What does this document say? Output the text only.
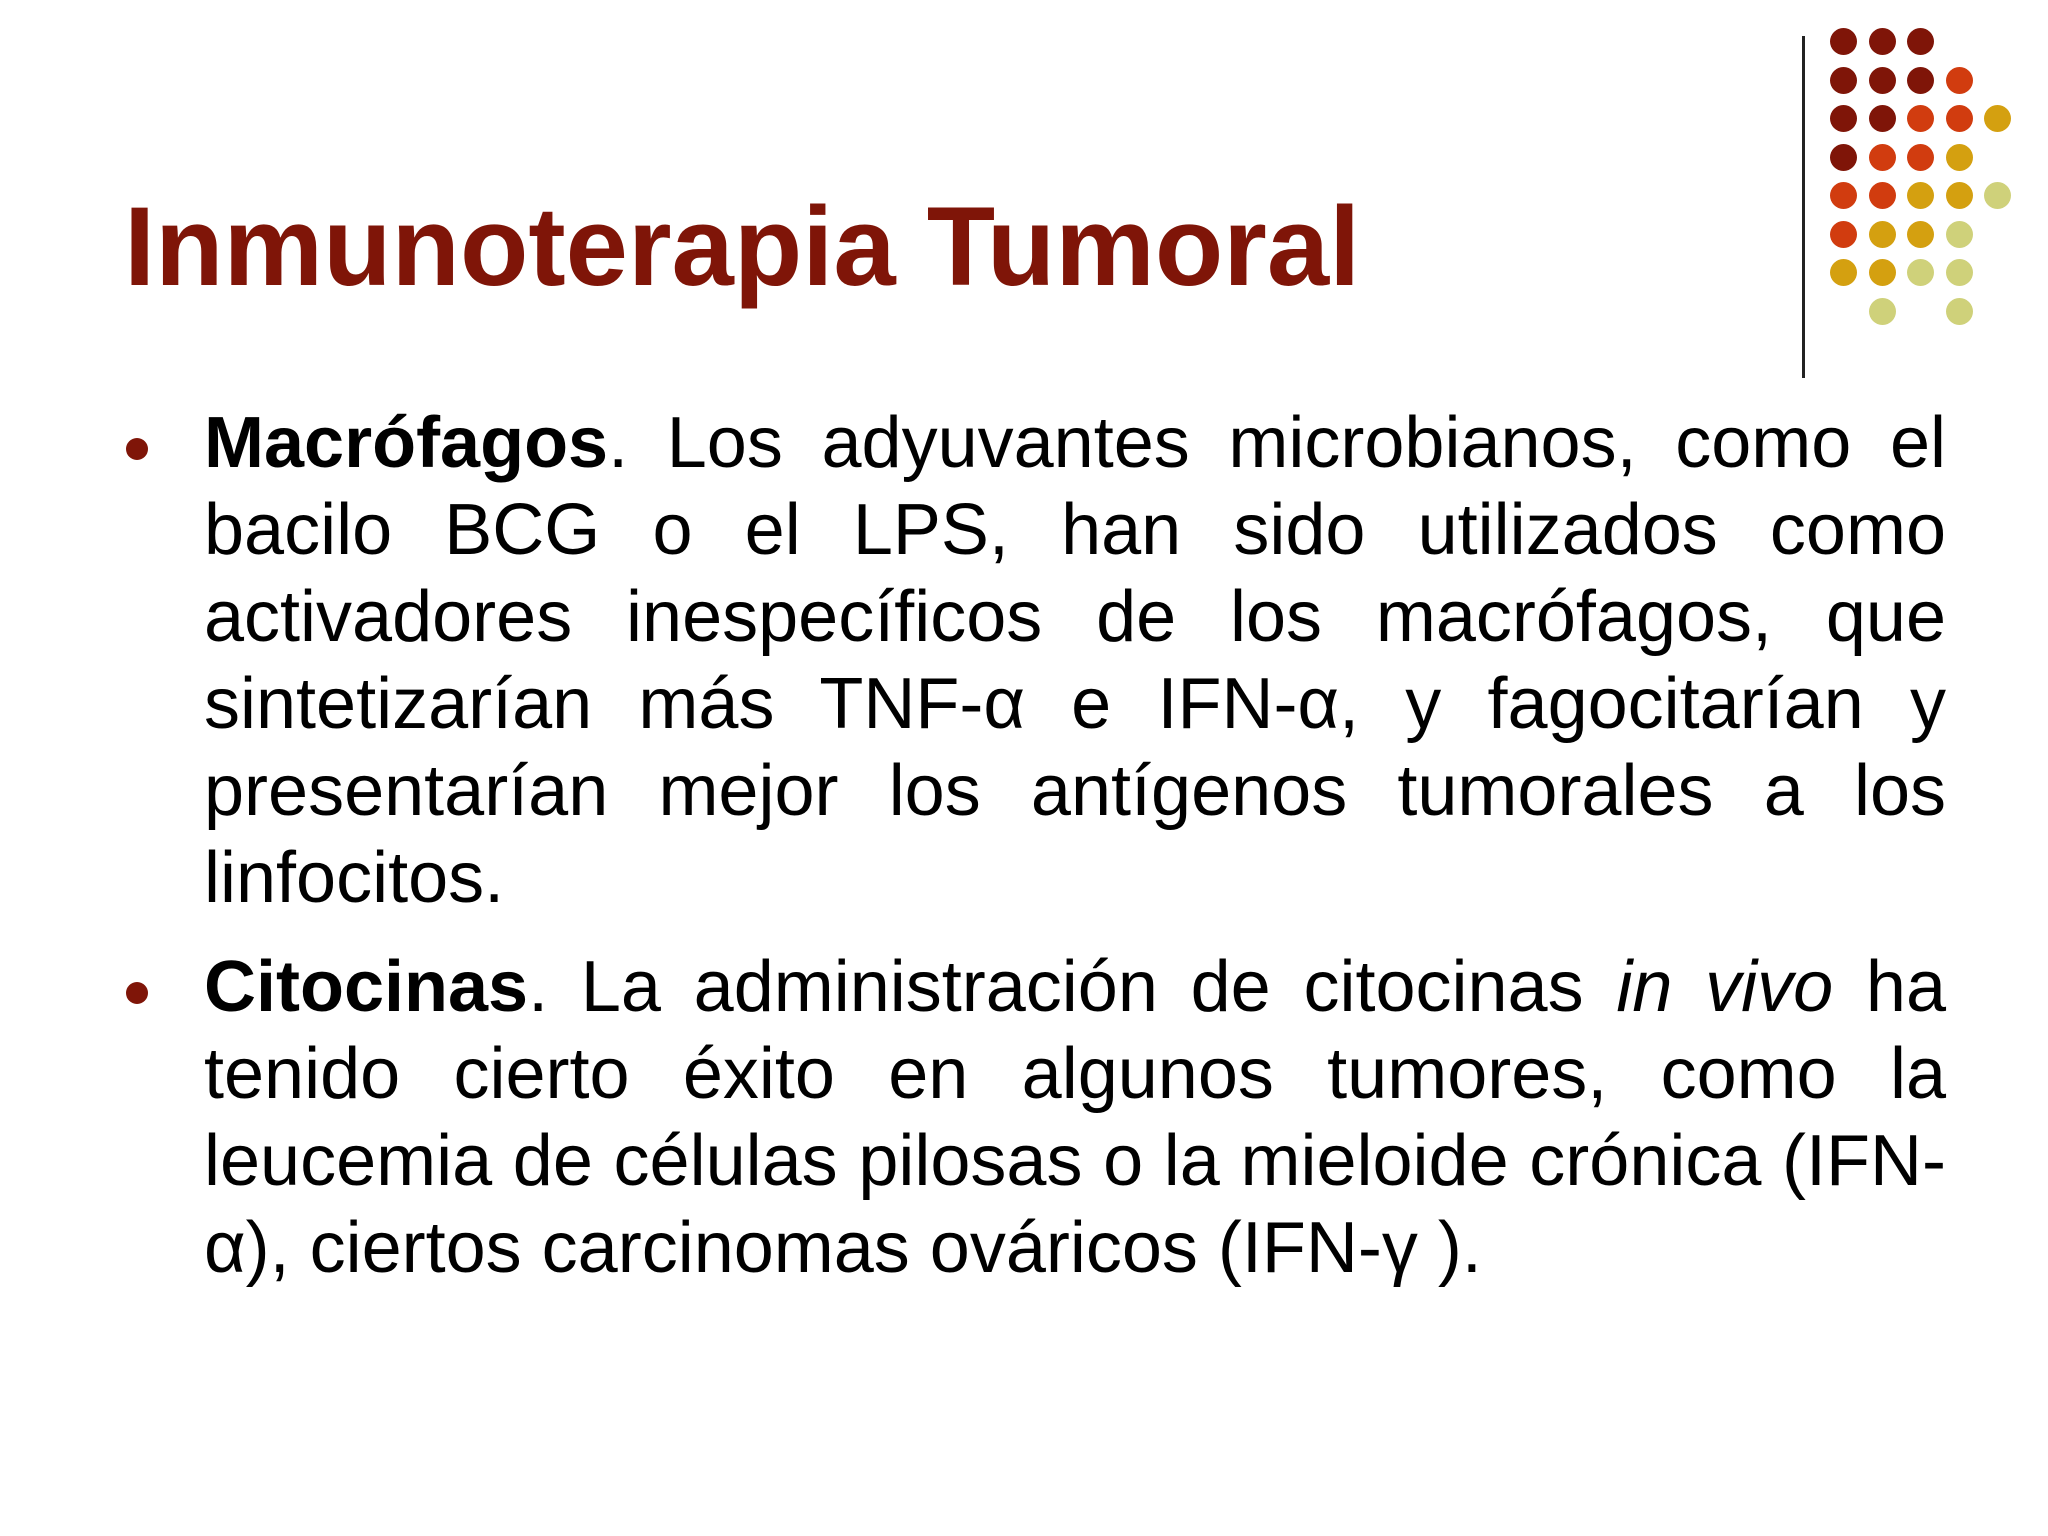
Inmunoterapia Tumoral

Macrófagos. Los adyuvantes microbianos, como el bacilo BCG o el LPS, han sido utilizados como activadores inespecíficos de los macrófagos, que sintetizarían más TNF-α e IFN-α, y fagocitarían y presentarían mejor los antígenos tumorales a los linfocitos.

Citocinas. La administración de citocinas in vivo ha tenido cierto éxito en algunos tumores, como la leucemia de células pilosas o la mieloide crónica (IFN- α), ciertos carcinomas ováricos (IFN-γ ).
